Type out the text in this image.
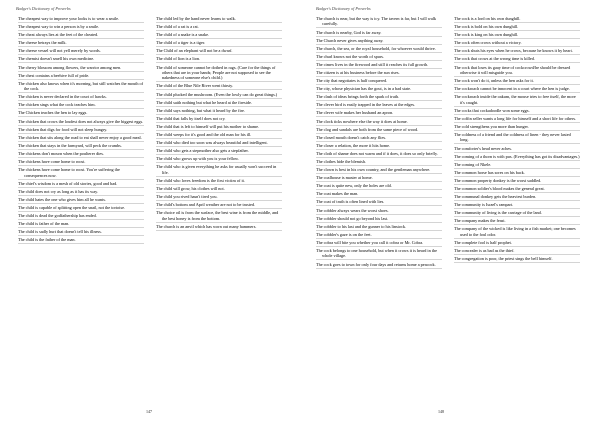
Badger's Dictionary of Proverbs

The cheapest way to improve your looks is to wear a smile.

The cheapest way to win a person is by a smile.

The cheat always lies at the feet of the cheated.

The cheese betrays the milk.

The cheese vessel will not yell merely by words.

The chemist doesn't smell his own medicine.

The cherry blossom among flowers, the warrior among men.

The chest contains a beehive full of pride.

The chicken also knows when it's morning, but still watches the mouth of the cock.

The chicken is never declared in the court of hawks.

The chicken sings what the cock teaches him.

The Chicken teaches the hen to lay eggs.

The chicken that crows the loudest does not always give the biggest eggs.

The chicken that digs for food will not sleep hungry.

The chicken that sits along the road to eat shall never enjoy a good meal.

The chicken that stays in the farmyard, will peck the crumbs.

The chickens don't mourn when the poulterer dies.

The chickens have come home to roost.

The chickens have come home to roost. You're suffering the consequences now.

The chief's wisdom is a mesh of old stories, good and bad.

The child does not cry as long as it has its way.

The child hates the one who gives him all he wants.

The child is capable of splitting open the snail, not the tortoise.

The child is dead the godfathership has ended.

The child is father of the man.

The child is sadly hurt that doesn't tell his illness.

The child is the father of the man.

The child led by the hand never learns to walk.

The child of a rat is a rat.

The child of a snake is a snake.

The child of a tiger is a tiger.

The Child of an elephant will not be a dwarf.

The child of lion is a lion.

The child of someone cannot be dothed in rags. (Care for the things of others that are in your hands; People are not supposed to see the nakedness of someone else's child.)

The child of the Blue Nile River went thirsty.

The child plucked the mushroom. (Even the lowly can do great things.)

The child saith nothing but what he heard at the fireside.

The child says nothing, but what it heard by the fire.

The child that falls by itself does not cry.

The child that is left to himself will put his mother to shame.

The child weeps for it's good and the old man for his ill.

The child who died too soon was always beautiful and intelligent.

The child who gets a stepmother also gets a stepfather.

The child who grows up with you is your fellow.

The child who is given everything he asks for usually won't succeed in life.

The child who loves freedom is the first victim of it.

The child will grow, his clothes will not.

The child you rived hasn't tired you.

The child's bottom and April weather are not to be trusted.

The choice oil is from the surface, the best wine is from the middle, and the best honey is from the bottom.

The church is an anvil which has worn out many hammers.

147
Badger's Dictionary of Proverbs

The church is near, but the way is icy. The tavern is far, but I will walk carefully.

The church is nearby, God is far away.

The Church never gives anything away.

The church, the sea, or the royal household, for whoever would thrive.

The churl knows not the worth of spurs.

The cimex lives in the firewood and still it reaches its full growth.

The citizen is at his business before the sun rises.

The city that negotiates is half conquered.

The city, whose physician has the gout, is in a bad state.

The clash of ideas brings forth the spark of truth.

The clever bird is easily trapped in the leaves at the edges.

The clever wife makes her husband an apron.

The clock ticks nowhere else the way it does at home.

The clog and sandals are both from the same piece of wood.

The closed mouth doesn't catch any flies.

The closer a relation, the more it hits home.

The cloth of shame does not warm and if it does, it does so only briefly.

The clothes hide the blemish.

The clown is best in his own country, and the gentleman anywhere.

The coalhouse is master at home.

The coat is quite new, only the holes are old.

The coat makes the man.

The coat of truth is often lined with lies.

The cobbler always wears the worst shoes.

The cobbler should not go beyond his last.

The cobbler to his last and the gunner to his linstock.

The cobbler's gaze is on the feet.

The cobra will bite you whether you call it cobra or Mr. Cobra.

The cock belongs to one household, but when it crows it is heard in the whole village.

The cock goes to town for only four days and returns home a peacock.

The cock is a lord on his own dunghill.

The cock is bold on his own dunghill.

The cock is king on his own dunghill.

The cock often crows without a victory.

The cock shuts his eyes when he crows, because he knows it by heart.

The cock that crows at the wrong time is killed.

The cock that loses its gaay time of cockcrowd/he should be dressed otherwise it will misguide you.

The cock won't do it, unless the hen asks for it.

The cockroach cannot be innocent in a court where the hen is judge.

The cockroach inside the oakum, the mouse tries to free itself, the more it's caught.

The cocks that cockadoodle won some eggs.

The coffin seller wants a long life for himself and a short life for others.

The cold strengthens you more than hunger.

The coldness of a friend and the coldness of linen - they never lasted long.

The comforter's head never aches.

The coming of a thorn is with pus. (Everything has got its disadvantages.)

The coming of Nkele.

The common horse has sores on his back.

The common property donkey is the worst saddled.

The common soldier's blood makes the general great.

The communal donkey gets the heaviest burden.

The community is Israel's rampart.

The community of living is the carriage of the land.

The company makes the feast.

The company of the wicked is like living in a fish market; one becomes used to the foul odor.

The complete fool is half prophet.

The concealer is as bad as the thief.

The congregation is poor, the priest sings the bell himself.

148
